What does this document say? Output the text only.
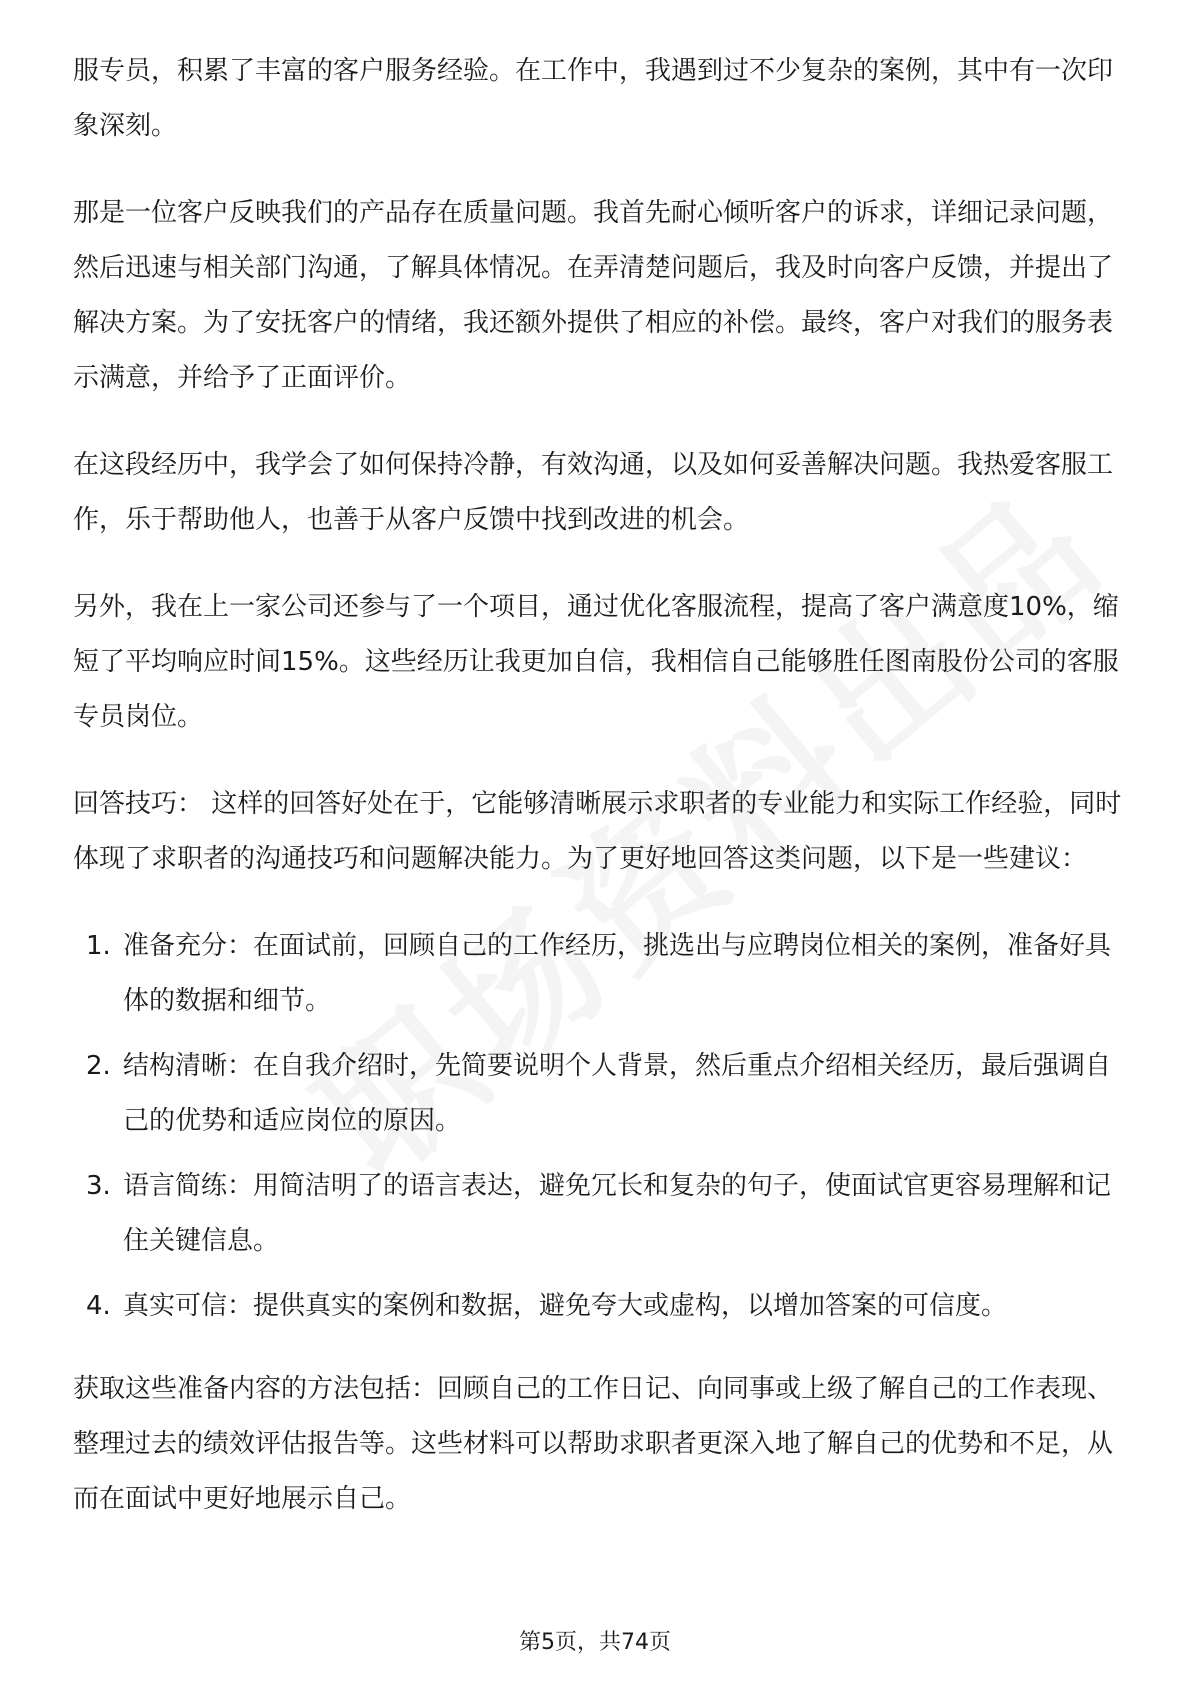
服专员，积累了丰富的客户服务经验。在工作中，我遇到过不少复杂的案例，其中有一次印象深刻。

那是一位客户反映我们的产品存在质量问题。我首先耐心倾听客户的诉求，详细记录问题，然后迅速与相关部门沟通，了解具体情况。在弄清楚问题后，我及时向客户反馈，并提出了解决方案。为了安抚客户的情绪，我还额外提供了相应的补偿。最终，客户对我们的服务表示满意，并给予了正面评价。

在这段经历中，我学会了如何保持冷静，有效沟通，以及如何妥善解决问题。我热爱客服工作，乐于帮助他人，也善于从客户反馈中找到改进的机会。

另外，我在上一家公司还参与了一个项目，通过优化客服流程，提高了客户满意度10%，缩短了平均响应时间15%。这些经历让我更加自信，我相信自己能够胜任图南股份公司的客服专员岗位。

回答技巧： 这样的回答好处在于，它能够清晰展示求职者的专业能力和实际工作经验，同时体现了求职者的沟通技巧和问题解决能力。为了更好地回答这类问题，以下是一些建议：

1. 准备充分：在面试前，回顾自己的工作经历，挑选出与应聘岗位相关的案例，准备好具体的数据和细节。
2. 结构清晰：在自我介绍时，先简要说明个人背景，然后重点介绍相关经历，最后强调自己的优势和适应岗位的原因。
3. 语言简练：用简洁明了的语言表达，避免冗长和复杂的句子，使面试官更容易理解和记住关键信息。
4. 真实可信：提供真实的案例和数据，避免夸大或虚构，以增加答案的可信度。

获取这些准备内容的方法包括：回顾自己的工作日记、向同事或上级了解自己的工作表现、整理过去的绩效评估报告等。这些材料可以帮助求职者更深入地了解自己的优势和不足，从而在面试中更好地展示自己。

第5页，共74页
